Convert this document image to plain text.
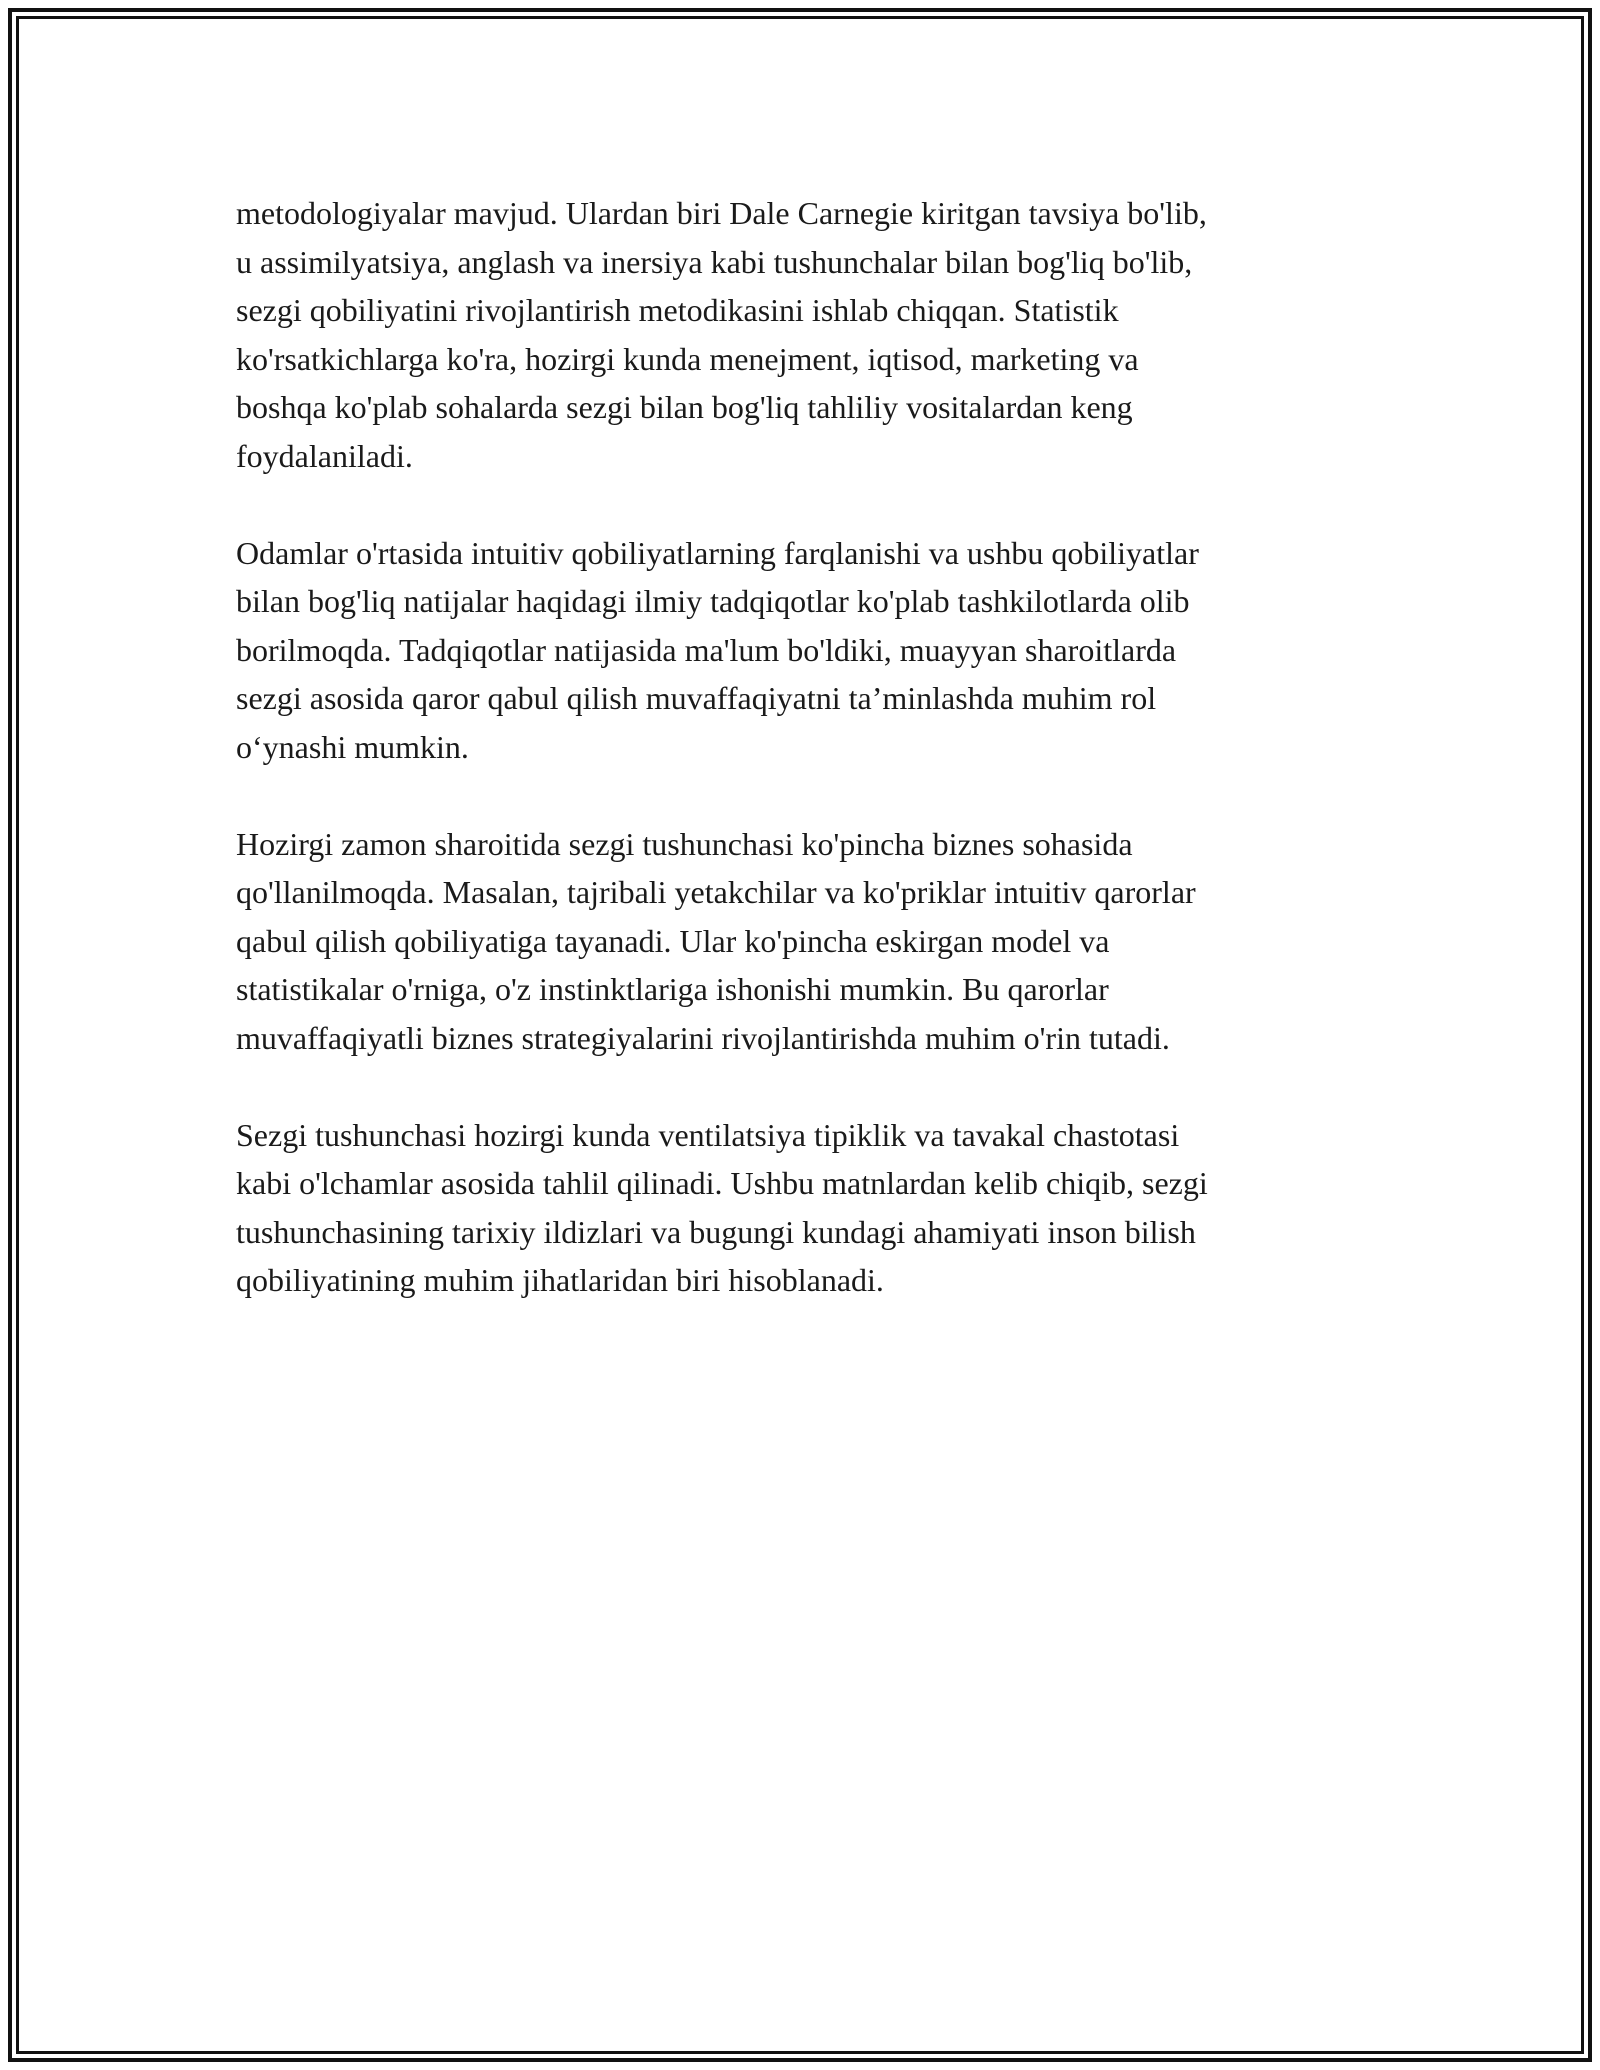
metodologiyalar mavjud. Ulardan biri Dale Carnegie kiritgan tavsiya bo'lib,
u assimilyatsiya, anglash va inersiya kabi tushunchalar bilan bog'liq bo'lib,
sezgi qobiliyatini rivojlantirish metodikasini ishlab chiqqan. Statistik
ko'rsatkichlarga ko'ra, hozirgi kunda menejment, iqtisod, marketing va
boshqa ko'plab sohalarda sezgi bilan bog'liq tahliliy vositalardan keng
foydalaniladi.

Odamlar o'rtasida intuitiv qobiliyatlarning farqlanishi va ushbu qobiliyatlar
bilan bog'liq natijalar haqidagi ilmiy tadqiqotlar ko'plab tashkilotlarda olib
borilmoqda. Tadqiqotlar natijasida ma'lum bo'ldiki, muayyan sharoitlarda
sezgi asosida qaror qabul qilish muvaffaqiyatni ta’minlashda muhim rol
o‘ynashi mumkin.

Hozirgi zamon sharoitida sezgi tushunchasi ko'pincha biznes sohasida
qo'llanilmoqda. Masalan, tajribali yetakchilar va ko'priklar intuitiv qarorlar
qabul qilish qobiliyatiga tayanadi. Ular ko'pincha eskirgan model va
statistikalar o'rniga, o'z instinktlariga ishonishi mumkin. Bu qarorlar
muvaffaqiyatli biznes strategiyalarini rivojlantirishda muhim o'rin tutadi.

Sezgi tushunchasi hozirgi kunda ventilatsiya tipiklik va tavakal chastotasi
kabi o'lchamlar asosida tahlil qilinadi. Ushbu matnlardan kelib chiqib, sezgi
tushunchasining tarixiy ildizlari va bugungi kundagi ahamiyati inson bilish
qobiliyatining muhim jihatlaridan biri hisoblanadi.
